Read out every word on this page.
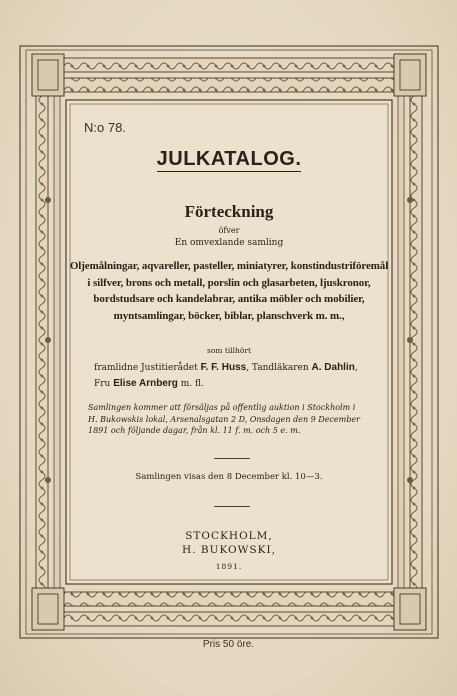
N:o 78.
JULKATALOG.
Förteckning
öfver
En omvexlande samling
Oljemålningar, aqvareller, pasteller, miniatyrer, konstindustriföremål
i silfver, brons och metall, porslin och glasarbeten, ljuskronor,
bordstudsare och kandelabrar, antika möbler och mobilier,
myntsamlingar, böcker, biblar, planschverk m. m.,
som tillhört
framlidne Justitierådet F. F. Huss, Tandläkaren A. Dahlin,
Fru Elise Arnberg m. fl.
Samlingen kommer att försäljas på offentlig auktion i Stockholm i
H. Bukowskis lokal, Arsenalsgatan 2 D, Onsdagen den 9 December
1891 och följande dagar, från kl. 11 f. m. och 5 e. m.
Samlingen visas den 8 December kl. 10—3.
STOCKHOLM,
H. BUKOWSKI,
1891.
Pris 50 öre.
